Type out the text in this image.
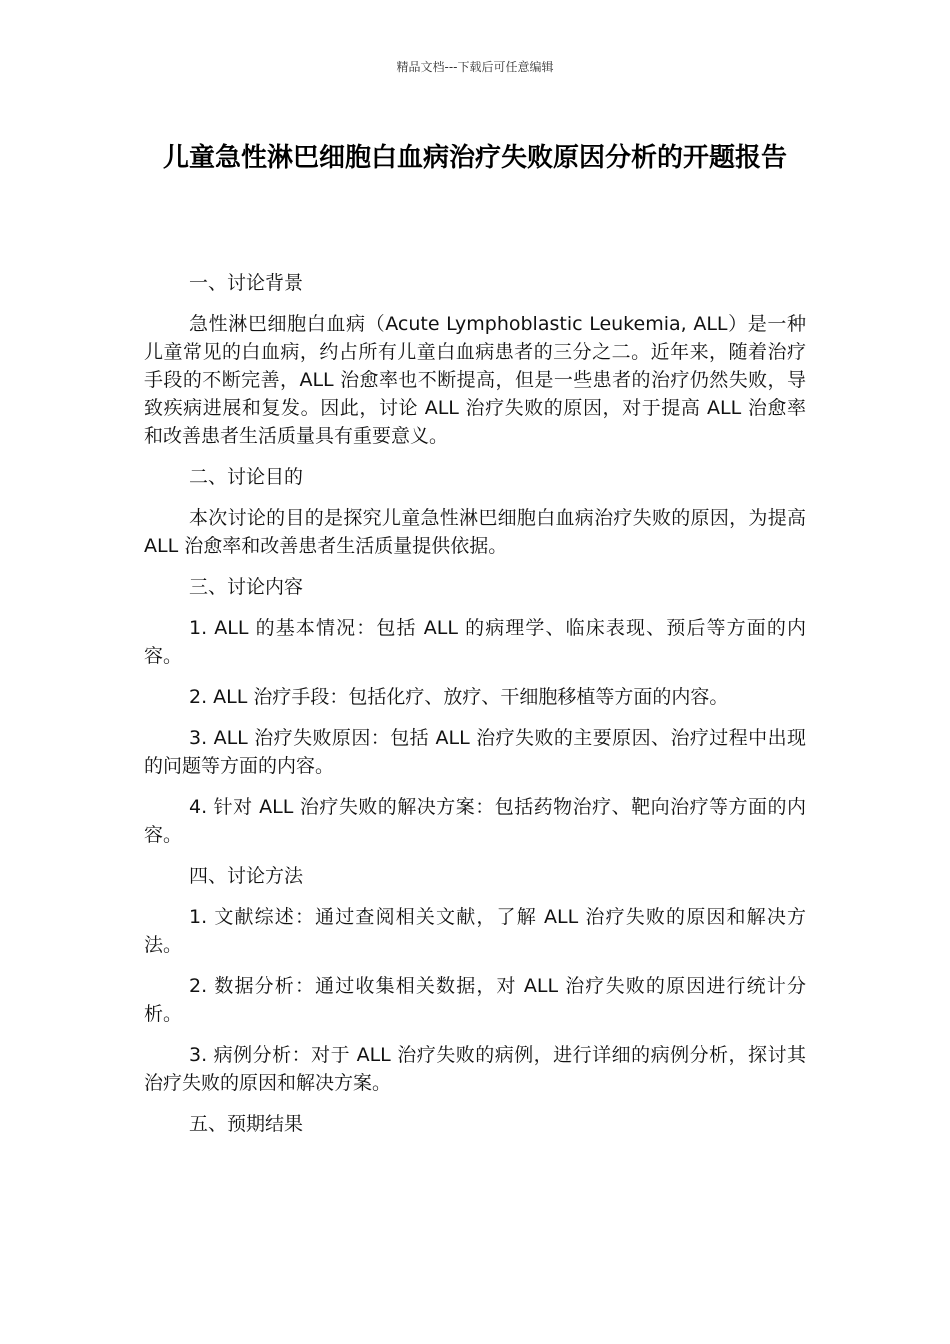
精品文档---下载后可任意编辑
儿童急性淋巴细胞白血病治疗失败原因分析的开题报告

一、讨论背景

急性淋巴细胞白血病（Acute Lymphoblastic Leukemia, ALL）是一种儿童常见的白血病，约占所有儿童白血病患者的三分之二。近年来，随着治疗手段的不断完善，ALL 治愈率也不断提高，但是一些患者的治疗仍然失败，导致疾病进展和复发。因此，讨论 ALL 治疗失败的原因，对于提高 ALL 治愈率和改善患者生活质量具有重要意义。

二、讨论目的

本次讨论的目的是探究儿童急性淋巴细胞白血病治疗失败的原因，为提高 ALL 治愈率和改善患者生活质量提供依据。

三、讨论内容

1. ALL 的基本情况：包括 ALL 的病理学、临床表现、预后等方面的内容。

2. ALL 治疗手段：包括化疗、放疗、干细胞移植等方面的内容。

3. ALL 治疗失败原因：包括 ALL 治疗失败的主要原因、治疗过程中出现的问题等方面的内容。

4. 针对 ALL 治疗失败的解决方案：包括药物治疗、靶向治疗等方面的内容。

四、讨论方法

1. 文献综述：通过查阅相关文献，了解 ALL 治疗失败的原因和解决方法。

2. 数据分析：通过收集相关数据，对 ALL 治疗失败的原因进行统计分析。

3. 病例分析：对于 ALL 治疗失败的病例，进行详细的病例分析，探讨其治疗失败的原因和解决方案。

五、预期结果
